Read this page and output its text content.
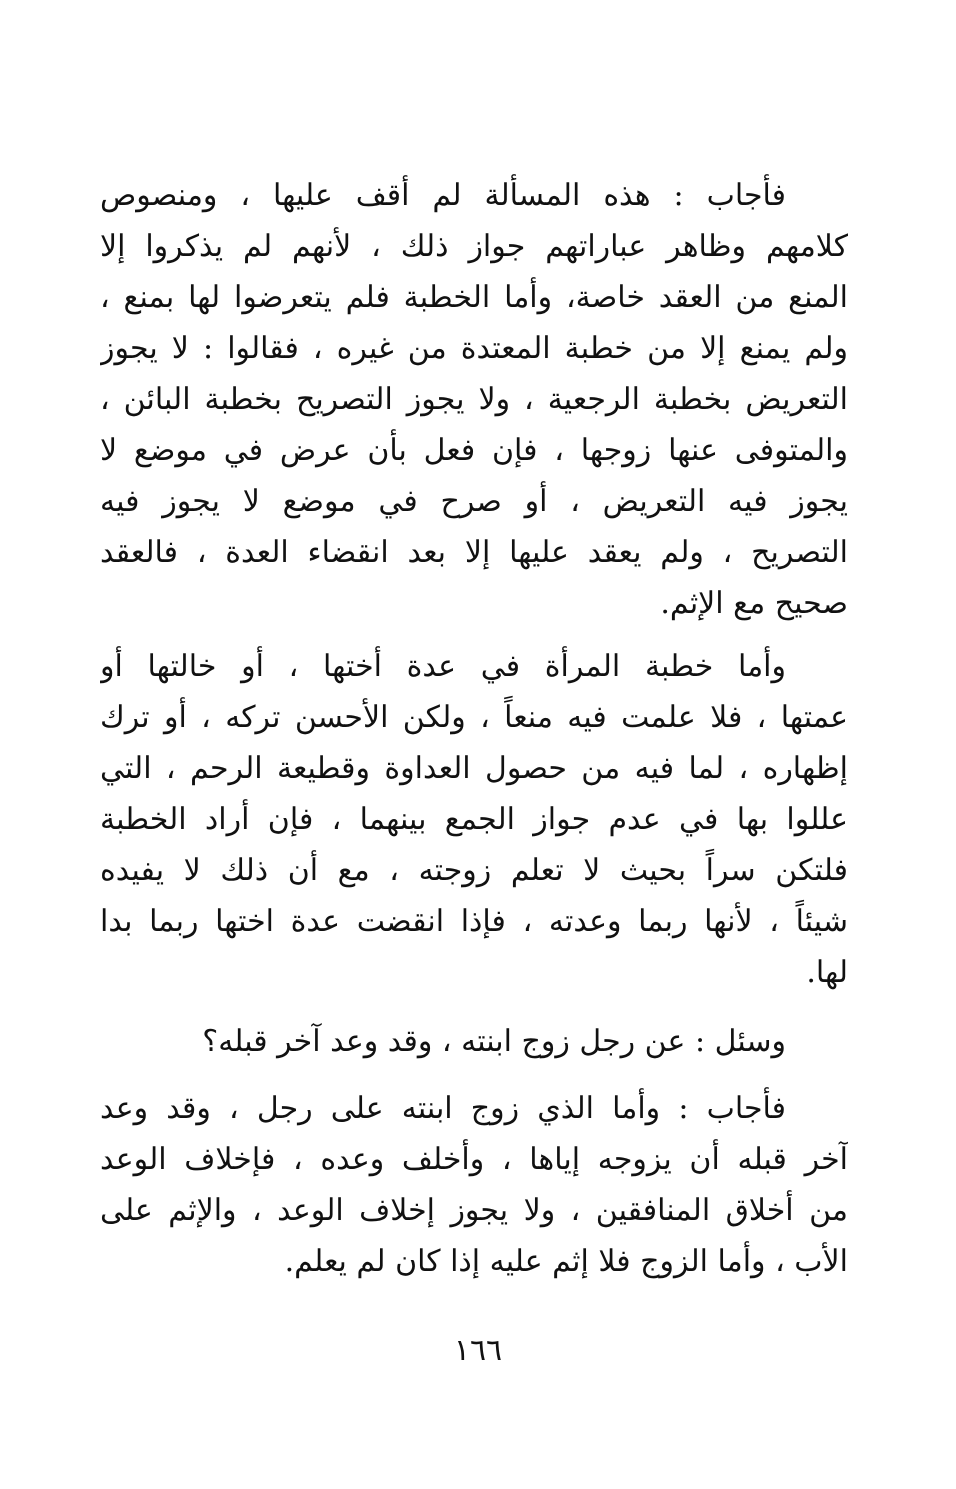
فأجاب : هذه المسألة لم أقف عليها ، ومنصوص
كلامهم وظاهر عباراتهم جواز ذلك ، لأنهم لم يذكروا إلا
المنع من العقد خاصة، وأما الخطبة فلم يتعرضوا لها بمنع ،
ولم يمنع إلا من خطبة المعتدة من غيره ، فقالوا : لا يجوز
التعريض بخطبة الرجعية ، ولا يجوز التصريح بخطبة البائن ،
والمتوفى عنها زوجها ، فإن فعل بأن عرض في موضع لا
يجوز فيه التعريض ، أو صرح في موضع لا يجوز فيه
التصريح ، ولم يعقد عليها إلا بعد انقضاء العدة ، فالعقد
صحيح مع الإثم.

وأما خطبة المرأة في عدة أختها ، أو خالتها أو
عمتها ، فلا علمت فيه منعاً ، ولكن الأحسن تركه ، أو ترك
إظهاره ، لما فيه من حصول العداوة وقطيعة الرحم ، التي
عللوا بها في عدم جواز الجمع بينهما ، فإن أراد الخطبة
فلتكن سراً بحيث لا تعلم زوجته ، مع أن ذلك لا يفيده
شيئاً ، لأنها ربما وعدته ، فإذا انقضت عدة اختها ربما بدا
لها.

وسئل : عن رجل زوج ابنته ، وقد وعد آخر قبله؟

فأجاب : وأما الذي زوج ابنته على رجل ، وقد وعد
آخر قبله أن يزوجه إياها ، وأخلف وعده ، فإخلاف الوعد
من أخلاق المنافقين ، ولا يجوز إخلاف الوعد ، والإثم على
الأب ، وأما الزوج فلا إثم عليه إذا كان لم يعلم.

١٦٦
